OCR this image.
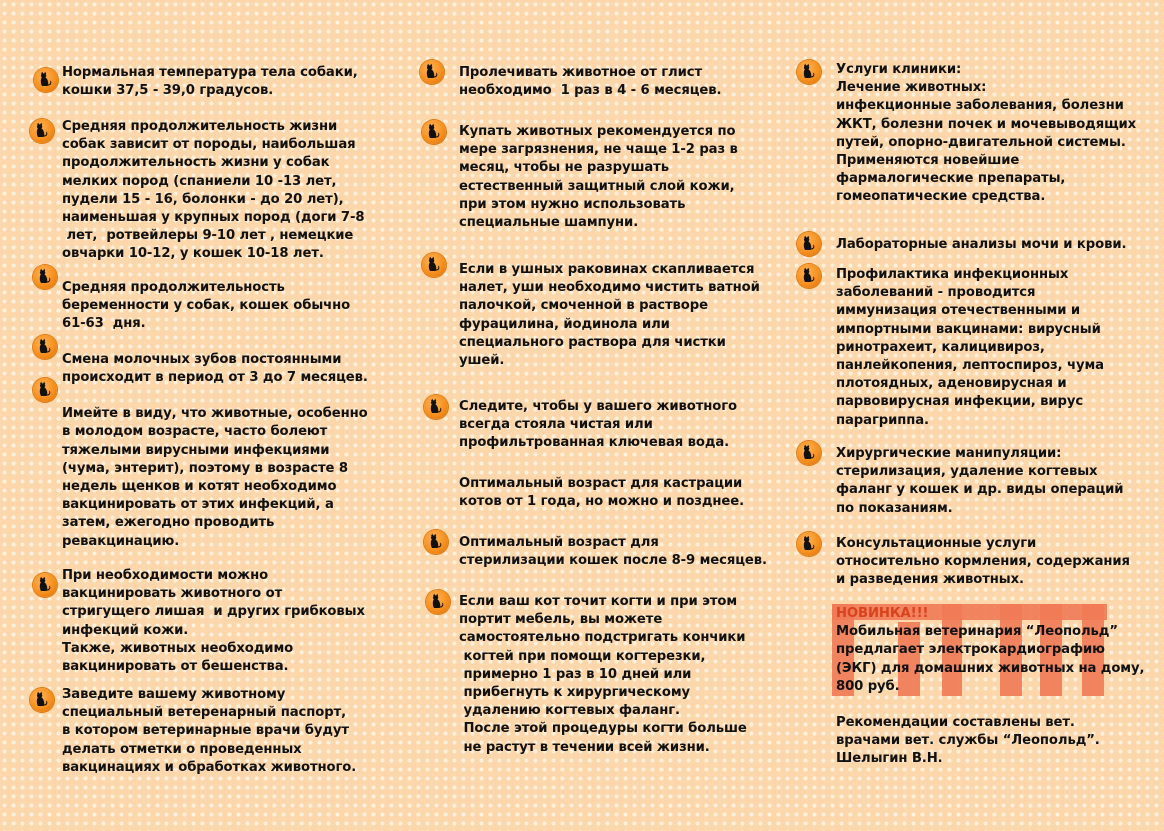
Нормальная температура тела собаки,
кошки 37,5 - 39,0 градусов.
Средняя продолжительность жизни
собак зависит от породы, наибольшая
продолжительность жизни у собак
мелких пород (спаниели 10 -13 лет,
пудели 15 - 16, болонки - до 20 лет),
наименьшая у крупных пород (доги 7-8
лет,  ротвейлеры 9-10 лет , немецкие
овчарки 10-12, у кошек 10-18 лет.
Средняя продолжительность
беременности у собак, кошек обычно
61-63  дня.
Смена молочных зубов постоянными
происходит в период от 3 до 7 месяцев.

Имейте в виду, что животные, особенно
в молодом возрасте, часто болеют
тяжелыми вирусными инфекциями
(чума, энтерит), поэтому в возрасте 8
недель щенков и котят необходимо
вакцинировать от этих инфекций, а
затем, ежегодно проводить
ревакцинацию.
При необходимости можно
вакцинировать животного от
стригущего лишая  и других грибковых
инфекций кожи.
Также, животных необходимо
вакцинировать от бешенства.
Заведите вашему животному
специальный ветеренарный паспорт,
в котором ветеринарные врачи будут
делать отметки о проведенных
вакцинациях и обработках животного.
Пролечивать животное от глист
необходимо  1 раз в 4 - 6 месяцев.
Купать животных рекомендуется по
мере загрязнения, не чаще 1-2 раз в
месяц, чтобы не разрушать
естественный защитный слой кожи,
при этом нужно использовать
специальные шампуни.
Если в ушных раковинах скапливается
налет, уши необходимо чистить ватной
палочкой, смоченной в растворе
фурацилина, йодинола или
специального раствора для чистки
ушей.
Следите, чтобы у вашего животного
всегда стояла чистая или
профильтрованная ключевая вода.
Оптимальный возраст для кастрации
котов от 1 года, но можно и позднее.
Оптимальный возраст для
стерилизации кошек после 8-9 месяцев.
Если ваш кот точит когти и при этом
портит мебель, вы можете
самостоятельно подстригать кончики
когтей при помощи когтерезки,
примерно 1 раз в 10 дней или
прибегнуть к хирургическому
удалению когтевых фаланг.
После этой процедуры когти больше
не растут в течении всей жизни.
Услуги клиники:
Лечение животных:
инфекционные заболевания, болезни
ЖКТ, болезни почек и мочевыводящих
путей, опорно-двигательной системы.
Применяются новейшие
фармалогические препараты,
гомеопатические средства.
Лабораторные анализы мочи и крови.
Профилактика инфекционных
заболеваний - проводится
иммунизация отечественными и
импортными вакцинами: вирусный
ринотрахеит, калицивироз,
панлейкопения, лептоспироз, чума
плотоядных, аденовирусная и
парвовирусная инфекции, вирус
парагриппа.
Хирургические манипуляции:
стерилизация, удаление когтевых
фаланг у кошек и др. виды операций
по показаниям.
Консультационные услуги
относительно кормления, содержания
и разведения животных.
НОВИНКА!!!
Мобильная ветеринария “Леопольд”
предлагает электрокардиографию
(ЭКГ) для домашних животных на дому,
800 руб.
Рекомендации составлены вет.
врачами вет. службы “Леопольд”.
Шелыгин В.Н.
